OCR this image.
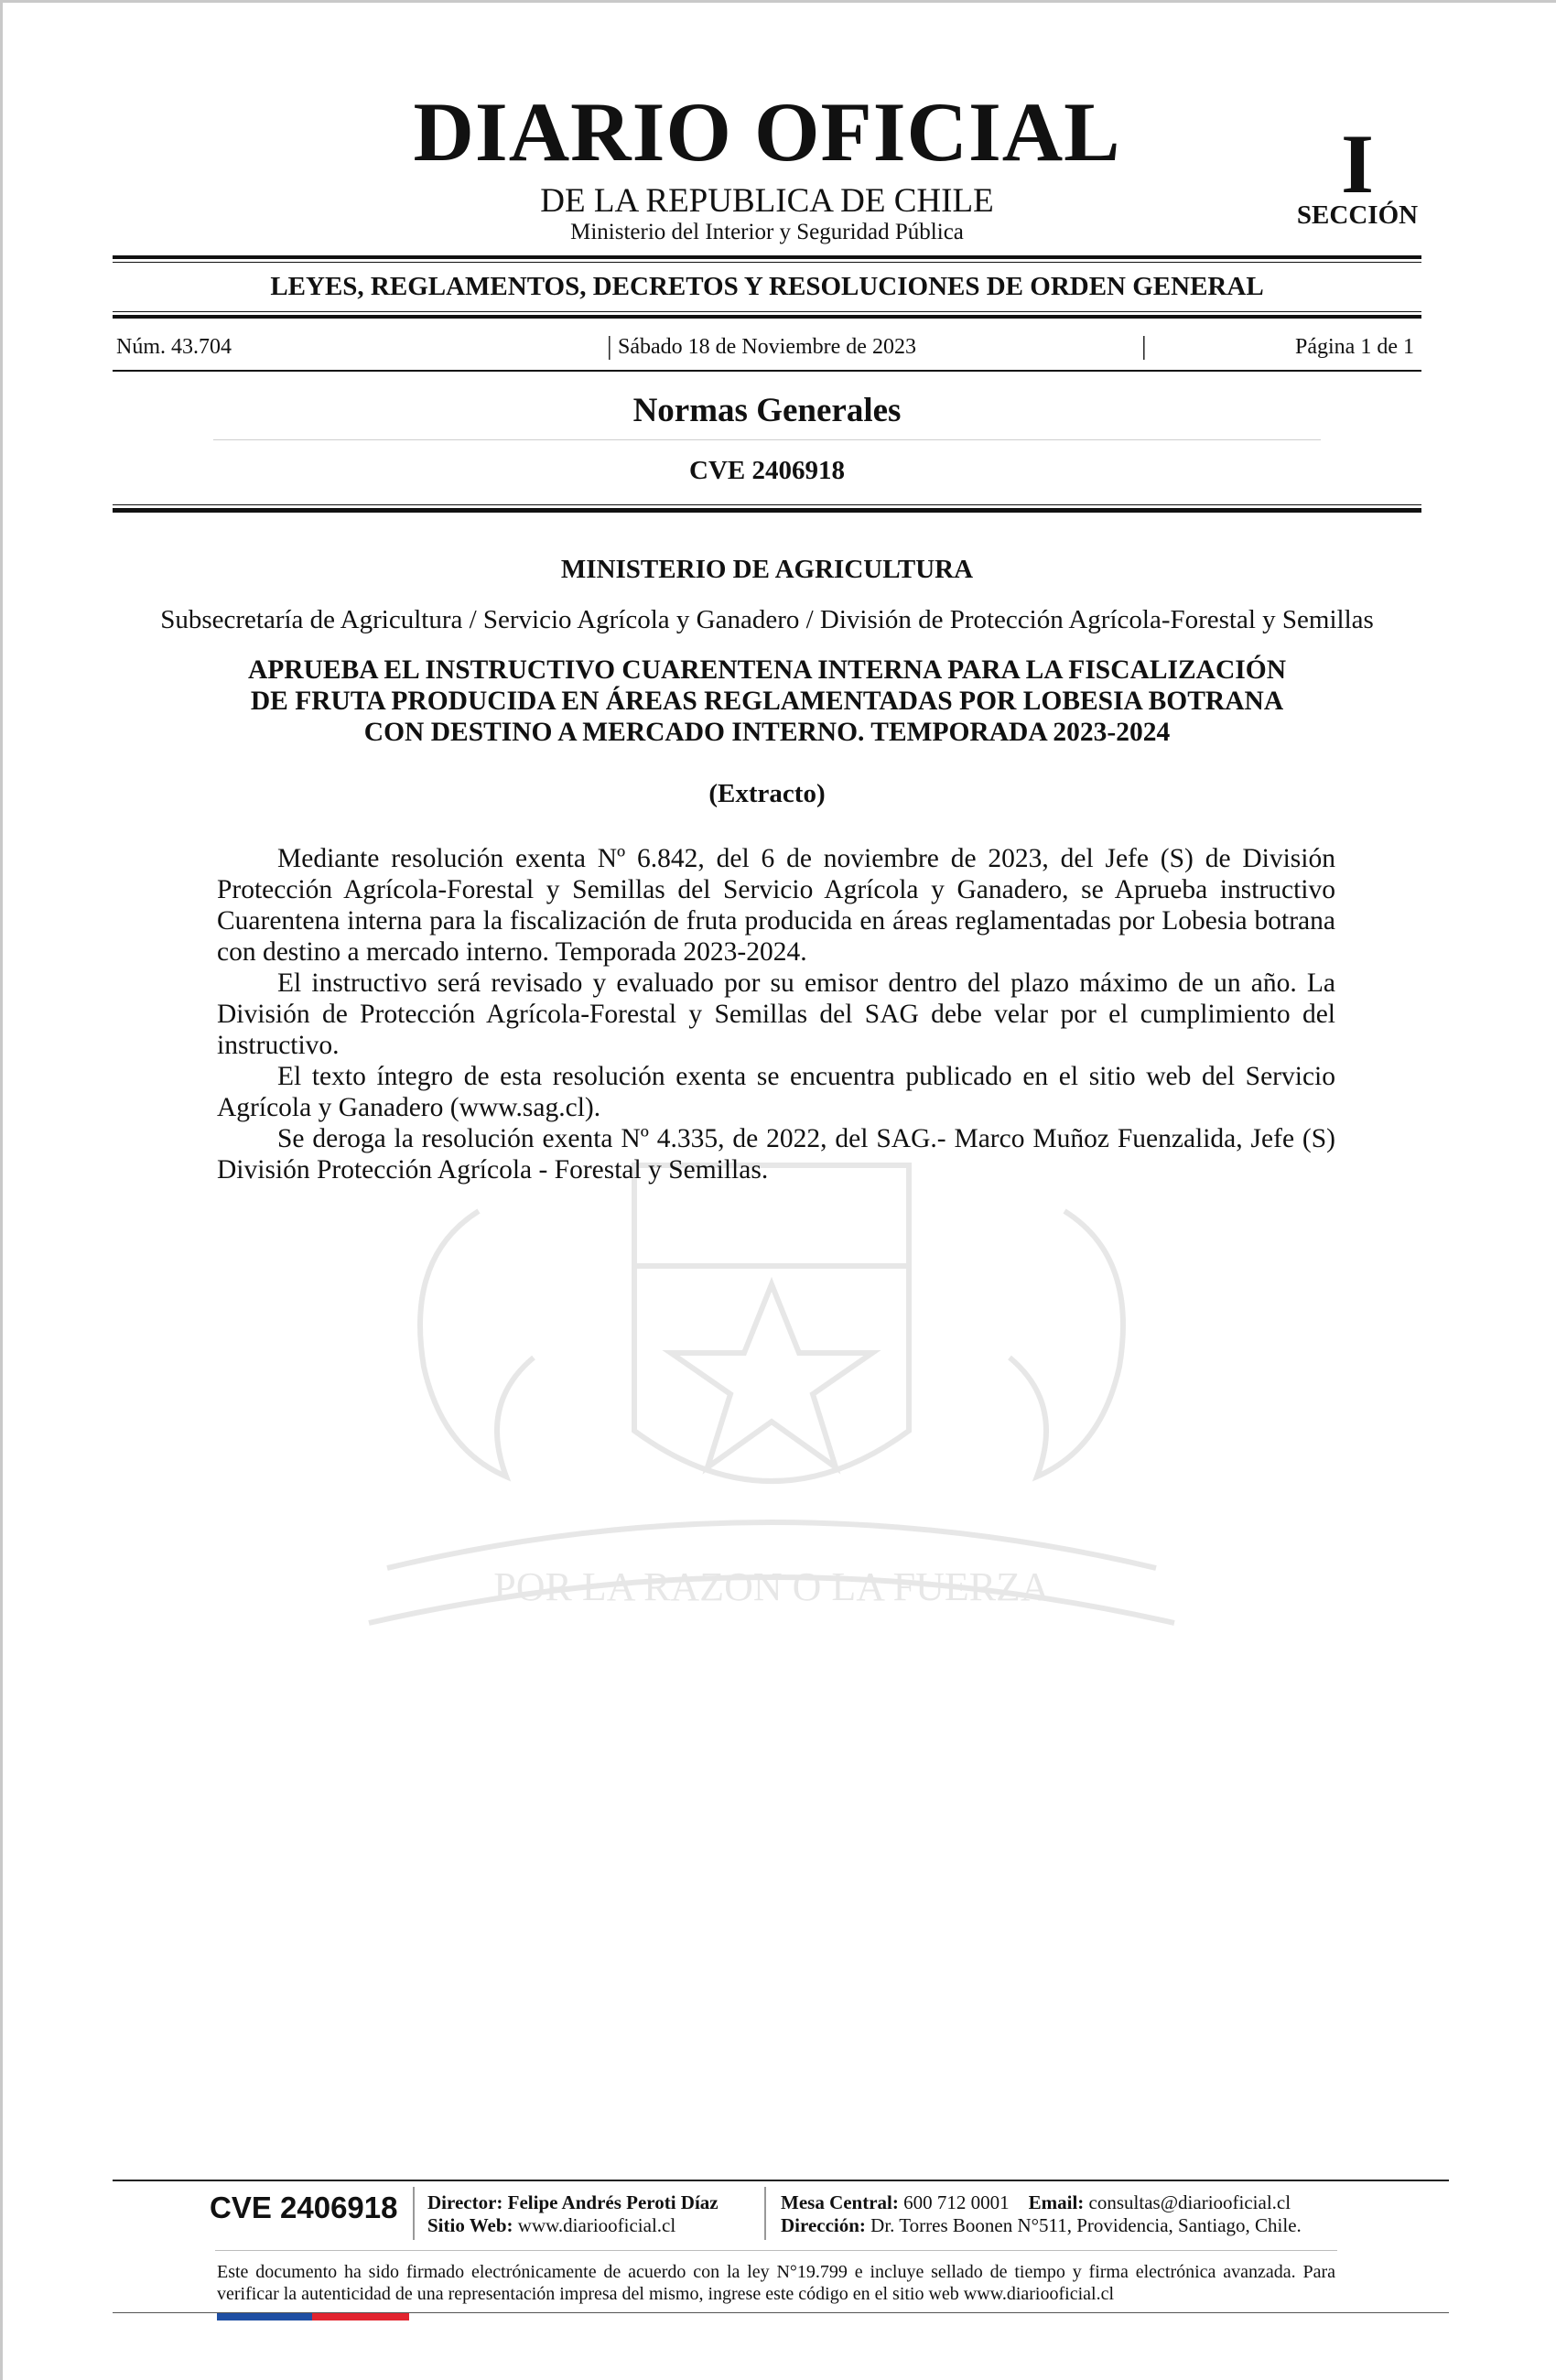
DIARIO OFICIAL
DE LA REPUBLICA DE CHILE
Ministerio del Interior y Seguridad Pública
I
SECCIÓN
LEYES, REGLAMENTOS, DECRETOS Y RESOLUCIONES DE ORDEN GENERAL
Núm. 43.704	| Sábado 18 de Noviembre de 2023	|	Página 1 de 1
Normas Generales
CVE 2406918
POR LA RAZON O LA FUERZA
MINISTERIO DE AGRICULTURA
Subsecretaría de Agricultura / Servicio Agrícola y Ganadero / División de Protección Agrícola-Forestal y Semillas
APRUEBA EL INSTRUCTIVO CUARENTENA INTERNA PARA LA FISCALIZACIÓN
DE FRUTA PRODUCIDA EN ÁREAS REGLAMENTADAS POR LOBESIA BOTRANA
CON DESTINO A MERCADO INTERNO. TEMPORADA 2023-2024
(Extracto)

Mediante resolución exenta Nº 6.842, del 6 de noviembre de 2023, del Jefe (S) de División Protección Agrícola-Forestal y Semillas del Servicio Agrícola y Ganadero, se Aprueba instructivo Cuarentena interna para la fiscalización de fruta producida en áreas reglamentadas por Lobesia botrana con destino a mercado interno. Temporada 2023-2024.

El instructivo será revisado y evaluado por su emisor dentro del plazo máximo de un año. La División de Protección Agrícola-Forestal y Semillas del SAG debe velar por el cumplimiento del instructivo.

El texto íntegro de esta resolución exenta se encuentra publicado en el sitio web del Servicio Agrícola y Ganadero (www.sag.cl).

Se deroga la resolución exenta Nº 4.335, de 2022, del SAG.- Marco Muñoz Fuenzalida, Jefe (S) División Protección Agrícola - Forestal y Semillas.

CVE 2406918 Director: Felipe Andrés Peroti Díaz
Sitio Web: www.diariooficial.cl
Mesa Central: 600 712 0001 Email: consultas@diariooficial.cl
Dirección: Dr. Torres Boonen N°511, Providencia, Santiago, Chile.
Este documento ha sido firmado electrónicamente de acuerdo con la ley N°19.799 e incluye sellado de tiempo y firma electrónica avanzada. Para verificar la autenticidad de una representación impresa del mismo, ingrese este código en el sitio web www.diariooficial.cl
